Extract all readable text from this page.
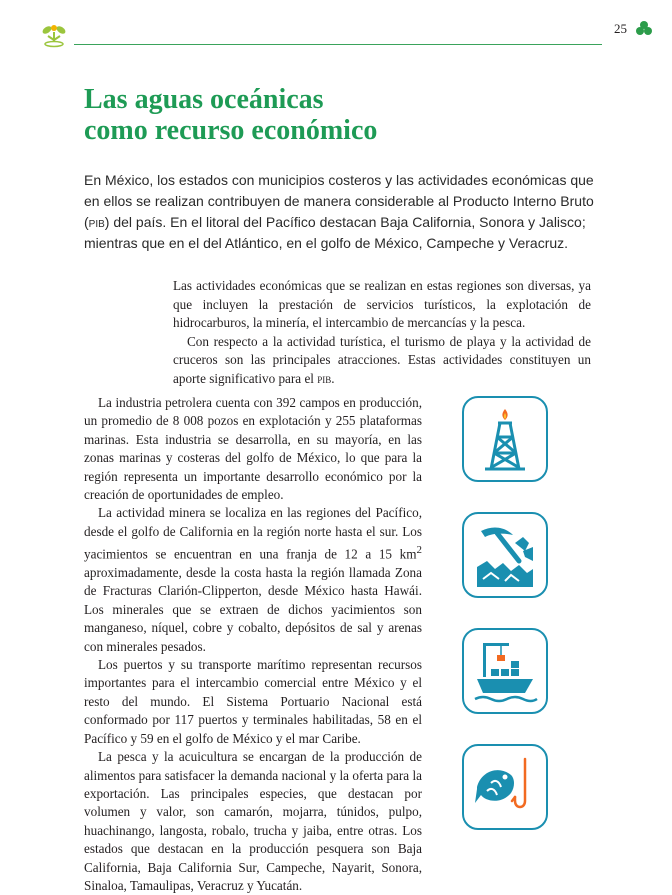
25
Las aguas oceánicas
como recurso económico

En México, los estados con municipios costeros y las actividades económicas que en ellos se realizan contribuyen de manera considerable al Producto Interno Bruto (pib) del país. En el litoral del Pacífico destacan Baja California, Sonora y Jalisco; mientras que en el del Atlántico, en el golfo de México, Campeche y Veracruz.

Las actividades económicas que se realizan en estas regiones son diversas, ya que incluyen la prestación de servicios turísticos, la explotación de hidrocarburos, la minería, el intercambio de mercancías y la pesca.

Con respecto a la actividad turística, el turismo de playa y la actividad de cruceros son las principales atracciones. Estas actividades constituyen un aporte significativo para el pib.

La industria petrolera cuenta con 392 campos en producción, un promedio de 8 008 pozos en explotación y 255 plataformas marinas. Esta industria se desarrolla, en su mayoría, en las zonas marinas y costeras del golfo de México, lo que para la región representa un importante desarrollo económico por la creación de oportunidades de empleo.

La actividad minera se localiza en las regiones del Pacífico, desde el golfo de California en la región norte hasta el sur. Los yacimientos se encuentran en una franja de 12 a 15 $km^2$ aproximadamente, desde la costa hasta la región llamada Zona de Fracturas Clarión-Clipperton, desde México hasta Hawái. Los minerales que se extraen de dichos yacimientos son manganeso, níquel, cobre y cobalto, depósitos de sal y arenas con minerales pesados.

Los puertos y su transporte marítimo representan recursos importantes para el intercambio comercial entre México y el resto del mundo. El Sistema Portuario Nacional está conformado por 117 puertos y terminales habilitadas, 58 en el Pacífico y 59 en el golfo de México y el mar Caribe.

La pesca y la acuicultura se encargan de la producción de alimentos para satisfacer la demanda nacional y la oferta para la exportación. Las principales especies, que destacan por volumen y valor, son camarón, mojarra, túnidos, pulpo, huachinango, langosta, robalo, trucha y jaiba, entre otras. Los estados que destacan en la producción pesquera son Baja California, Baja California Sur, Campeche, Nayarit, Sonora, Sinaloa, Tamaulipas, Veracruz y Yucatán.
